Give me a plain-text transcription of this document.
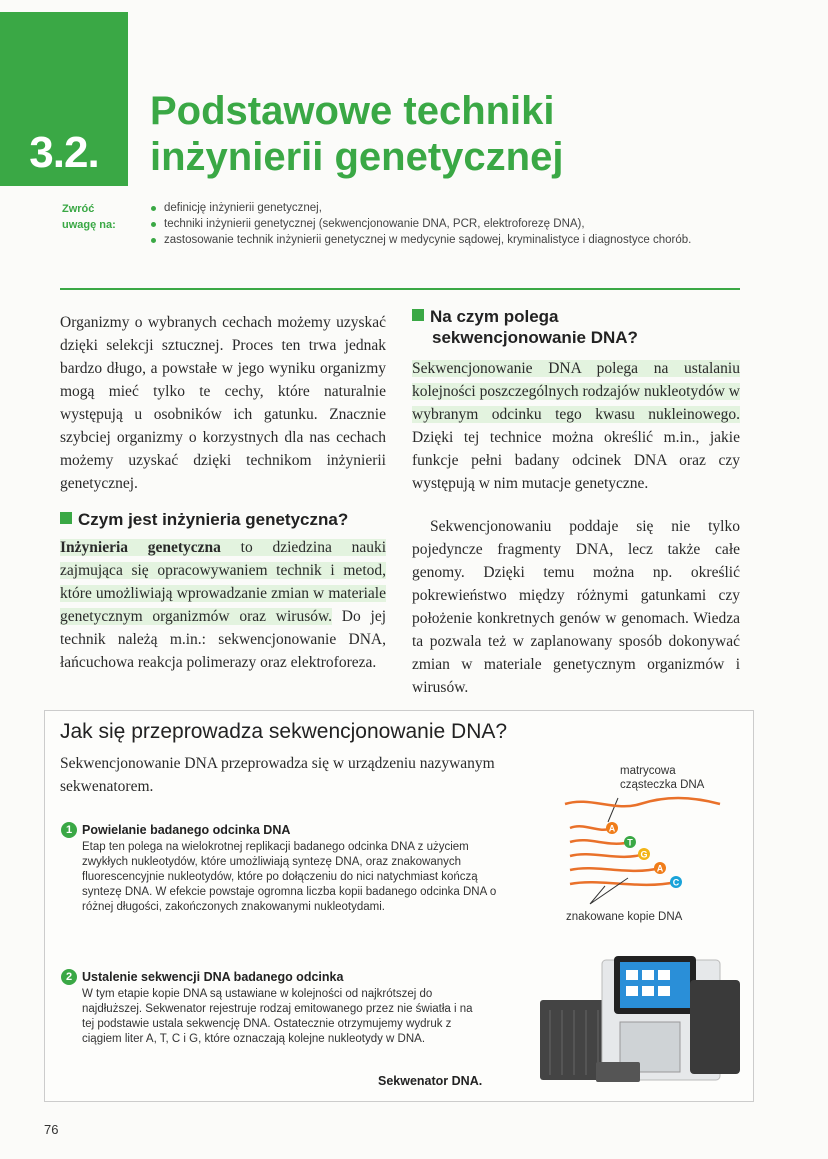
3.2.
Podstawowe techniki
inżynierii genetycznej
Zwróć
uwagę na:
definicję inżynierii genetycznej,
techniki inżynierii genetycznej (sekwencjonowanie DNA, PCR, elektroforezę DNA),
zastosowanie technik inżynierii genetycznej w medycynie sądowej, kryminalistyce i diagnostyce chorób.
Organizmy o wybranych cechach możemy uzyskać dzięki selekcji sztucznej. Proces ten trwa jednak bardzo długo, a powstałe w jego wyniku organizmy mogą mieć tylko te cechy, które naturalnie występują u osobników ich gatunku. Znacznie szybciej organizmy o korzystnych dla nas cechach możemy uzyskać dzięki technikom inżynierii genetycznej.
Czym jest inżynieria genetyczna?
Inżynieria genetyczna to dziedzina nauki zajmująca się opracowywaniem technik i metod, które umożliwiają wprowadzanie zmian w materiale genetycznym organizmów oraz wirusów. Do jej technik należą m.in.: sekwencjonowanie DNA, łańcuchowa reakcja polimerazy oraz elektroforeza.
Na czym polega
sekwencjonowanie DNA?
Sekwencjonowanie DNA polega na ustalaniu kolejności poszczególnych rodzajów nukleotydów w wybranym odcinku tego kwasu nukleinowego. Dzięki tej technice można określić m.in., jakie funkcje pełni badany odcinek DNA oraz czy występują w nim mutacje genetyczne.
Sekwencjonowaniu poddaje się nie tylko pojedyncze fragmenty DNA, lecz także całe genomy. Dzięki temu można np. określić pokrewieństwo między różnymi gatunkami czy położenie konkretnych genów w genomach. Wiedza ta pozwala też w zaplanowany sposób dokonywać zmian w materiale genetycznym organizmów i wirusów.
Jak się przeprowadza sekwencjonowanie DNA?
Sekwencjonowanie DNA przeprowadza się w urządzeniu nazywanym sekwenatorem.
1 Powielanie badanego odcinka DNA
Etap ten polega na wielokrotnej replikacji badanego odcinka DNA z użyciem zwykłych nukleotydów, które umożliwiają syntezę DNA, oraz znakowanych fluorescencyjnie nukleotydów, które po dołączeniu do nici natychmiast kończą syntezę DNA. W efekcie powstaje ogromna liczba kopii badanego odcinka DNA o różnej długości, zakończonych znakowanymi nukleotydami.
2 Ustalenie sekwencji DNA badanego odcinka
W tym etapie kopie DNA są ustawiane w kolejności od najkrótszej do najdłuższej. Sekwenator rejestruje rodzaj emitowanego przez nie światła i na tej podstawie ustala sekwencję DNA. Ostatecznie otrzymujemy wydruk z ciągiem liter A, T, C i G, które oznaczają kolejne nukleotydy w DNA.
matrycowa
cząsteczka DNA
A
T
G
A
C
znakowane kopie DNA
Sekwenator DNA.
76
